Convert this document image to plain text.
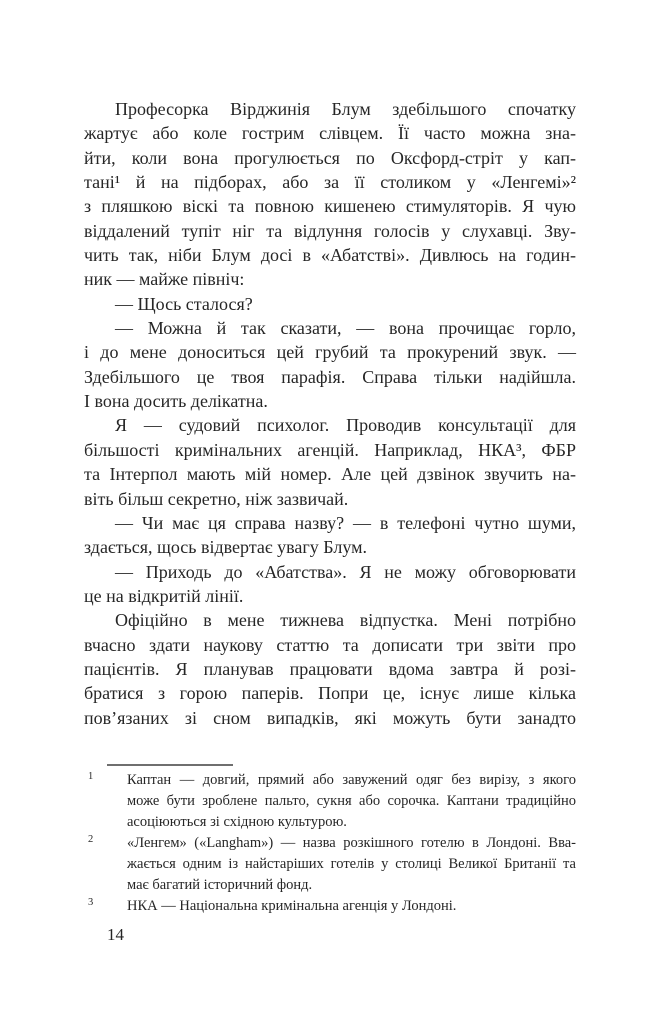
Професорка Вірджинія Блум здебільшого спочатку
жартує або коле гострим слівцем. Її часто можна зна-
йти, коли вона прогулюється по Оксфорд-стріт у кап-
тані¹ й на підборах, або за її столиком у «Ленгемі»²
з пляшкою віскі та повною кишенею стимуляторів. Я чую
віддалений тупіт ніг та відлуння голосів у слухавці. Зву-
чить так, ніби Блум досі в «Абатстві». Дивлюсь на годин-
ник — майже північ:
— Щось сталося?
— Можна й так сказати, — вона прочищає горло,
і до мене доноситься цей грубий та прокурений звук. —
Здебільшого це твоя парафія. Справа тільки надійшла.
І вона досить делікатна.
Я — судовий психолог. Проводив консультації для
більшості кримінальних агенцій. Наприклад, НКА³, ФБР
та Інтерпол мають мій номер. Але цей дзвінок звучить на-
віть більш секретно, ніж зазвичай.
— Чи має ця справа назву? — в телефоні чутно шуми,
здається, щось відвертає увагу Блум.
— Приходь до «Абатства». Я не можу обговорювати
це на відкритій лінії.
Офіційно в мене тижнева відпустка. Мені потрібно
вчасно здати наукову статтю та дописати три звіти про
пацієнтів. Я планував працювати вдома завтра й розі-
братися з горою паперів. Попри це, існує лише кілька
пов’язаних зі сном випадків, які можуть бути занадто
1 Каптан — довгий, прямий або завужений одяг без вирізу, з якого
може бути зроблене пальто, сукня або сорочка. Каптани традиційно
асоціюються зі східною культурою.
2 «Ленгем» («Langham») — назва розкішного готелю в Лондоні. Вва-
жається одним із найстаріших готелів у столиці Великої Британії та
має багатий історичний фонд.
3 НКА — Національна кримінальна агенція у Лондоні.
14
